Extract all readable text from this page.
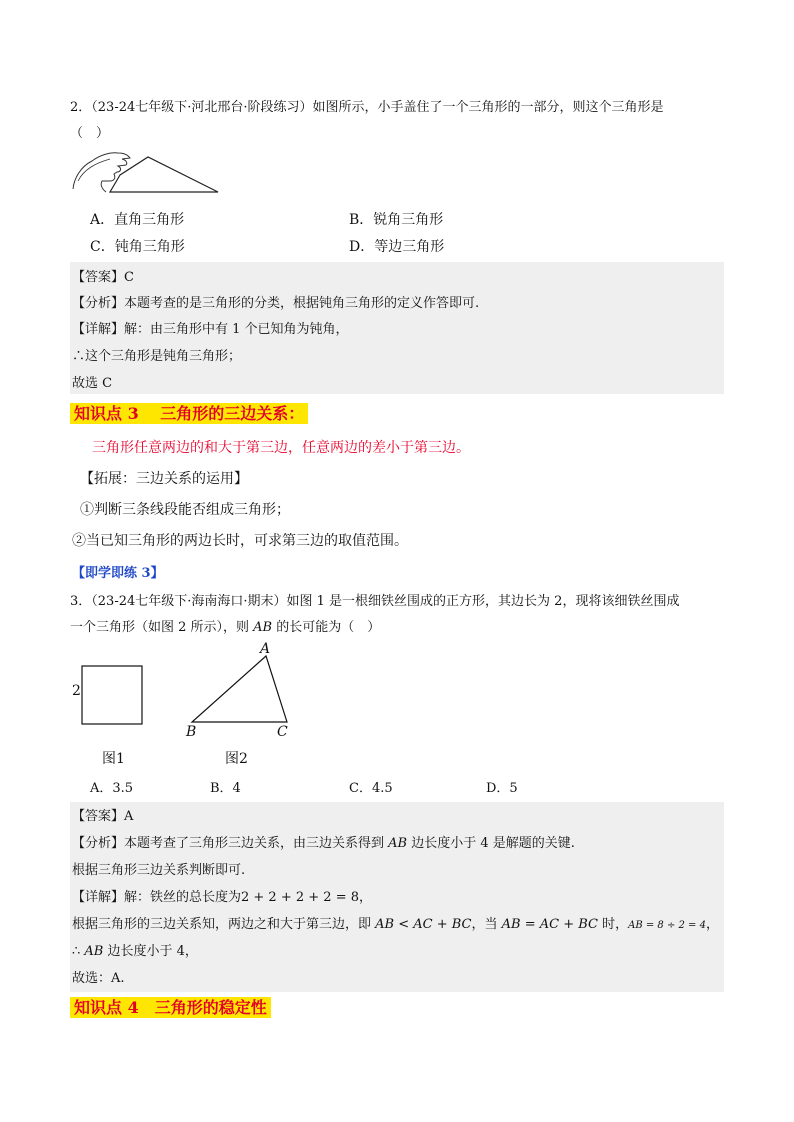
2．（23-24七年级下·河北邢台·阶段练习）如图所示，小手盖住了一个三角形的一部分，则这个三角形是
（　）
A．直角三角形	B．锐角三角形
C．钝角三角形	D．等边三角形
【答案】C
【分析】本题考查的是三角形的分类，根据钝角三角形的定义作答即可.
【详解】解：由三角形中有 1 个已知角为钝角，
∴这个三角形是钝角三角形；
故选 C
知识点 3　 三角形的三边关系：
三角形任意两边的和大于第三边，任意两边的差小于第三边。
【拓展：三边关系的运用】
①判断三条线段能否组成三角形；
②当已知三角形的两边长时，可求第三边的取值范围。
【即学即练 3】
3．（23-24七年级下·海南海口·期末）如图 1 是一根细铁丝围成的正方形，其边长为 2，现将该细铁丝围成
一个三角形（如图 2 所示），则 AB 的长可能为（　）
2
A
B	C
图1	图2
A．3.5	B．4	C．4.5	D．5
【答案】A
【分析】本题考查了三角形三边关系，由三边关系得到 AB 边长度小于 4 是解题的关键.
根据三角形三边关系判断即可.
【详解】解：铁丝的总长度为2 + 2 + 2 + 2 = 8，
根据三角形的三边关系知，两边之和大于第三边，即 AB < AC + BC，当 AB = AC + BC 时，AB = 8 ÷ 2 = 4，
∴ AB 边长度小于 4，
故选：A.
知识点 4　三角形的稳定性
